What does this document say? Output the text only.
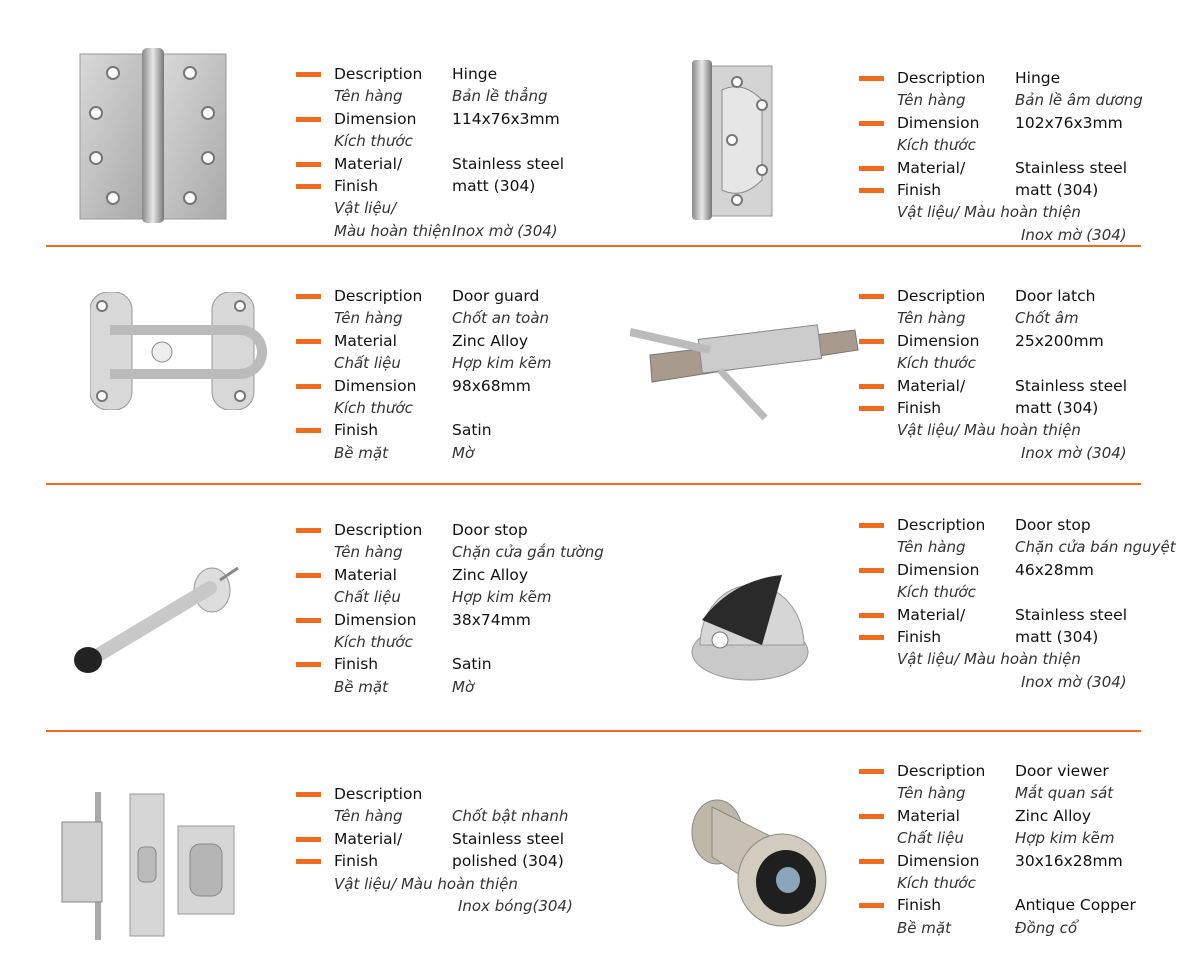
Description Hinge
Tên hàng	Bản lề thẳng
Dimension 114x76x3mm
Kích thước
Material/	Stainless steel
Finish	matt (304)
Vật liệu/
Màu hoàn thiện Inox mờ (304)
Description Hinge
Tên hàng	Bản lề âm dương
Dimension 102x76x3mm
Kích thước
Material/	Stainless steel
Finish	matt (304)
Vật liệu/ Màu hoàn thiện
Inox mờ (304)
Description Door guard
Tên hàng	Chốt an toàn
Material	Zinc Alloy
Chất liệu	Hợp kim kẽm
Dimension 98x68mm
Kích thước
Finish	Satin
Bề mặt	Mờ
Description Door latch
Tên hàng	Chốt âm
Dimension 25x200mm
Kích thước
Material/	Stainless steel
Finish	matt (304)
Vật liệu/ Màu hoàn thiện
Inox mờ (304)
Description Door stop
Tên hàng	Chặn cửa gắn tường
Material	Zinc Alloy
Chất liệu	Hợp kim kẽm
Dimension 38x74mm
Kích thước
Finish	Satin
Bề mặt	Mờ
Description Door stop
Tên hàng	Chặn cửa bán nguyệt
Dimension 46x28mm
Kích thước
Material/	Stainless steel
Finish	matt (304)
Vật liệu/ Màu hoàn thiện
Inox mờ (304)
Description
Tên hàng	Chốt bật nhanh
Material/	Stainless steel
Finish	polished (304)
Vật liệu/ Màu hoàn thiện
Inox bóng(304)
Description Door viewer
Tên hàng	Mắt quan sát
Material	Zinc Alloy
Chất liệu	Hợp kim kẽm
Dimension 30x16x28mm
Kích thước
Finish	Antique Copper
Bề mặt	Đồng cổ
